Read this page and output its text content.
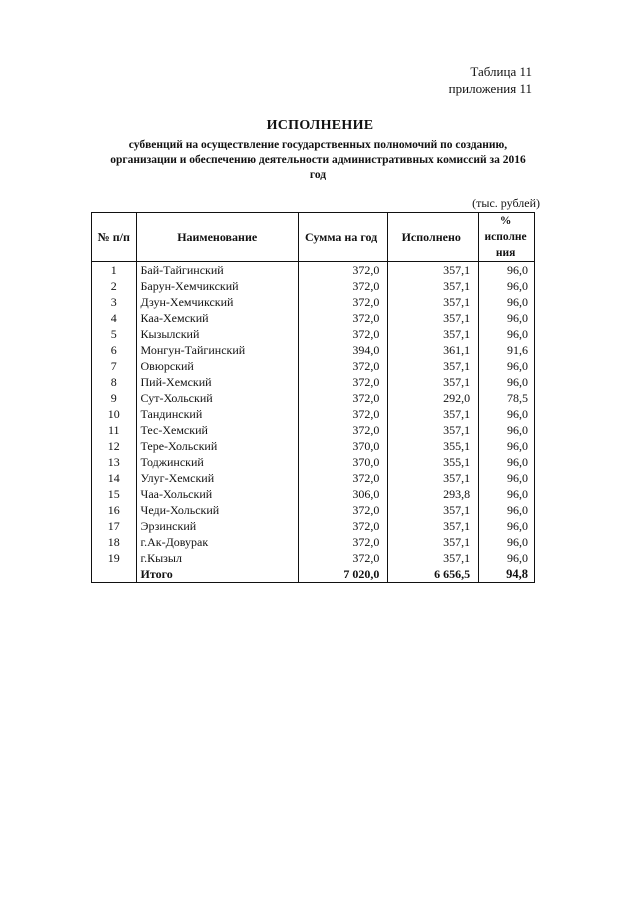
Таблица 11
приложения 11
ИСПОЛНЕНИЕ
субвенций на осуществление государственных полномочий по созданию,
организации и обеспечению деятельности административных комиссий за 2016
год
(тыс. рублей)
№ п/п	Наименование	Сумма на год	Исполнено	%
исполне
ния

1	Бай-Тайгинский	372,0	357,1	96,0
2	Барун-Хемчикский	372,0	357,1	96,0
3	Дзун-Хемчикский	372,0	357,1	96,0
4	Каа-Хемский	372,0	357,1	96,0
5	Кызылский	372,0	357,1	96,0
6	Монгун-Тайгинский	394,0	361,1	91,6
7	Овюрский	372,0	357,1	96,0
8	Пий-Хемский	372,0	357,1	96,0
9	Сут-Хольский	372,0	292,0	78,5
10	Тандинский	372,0	357,1	96,0
11	Тес-Хемский	372,0	357,1	96,0
12	Тере-Хольский	370,0	355,1	96,0
13	Тоджинский	370,0	355,1	96,0
14	Улуг-Хемский	372,0	357,1	96,0
15	Чаа-Хольский	306,0	293,8	96,0
16	Чеди-Хольский	372,0	357,1	96,0
17	Эрзинский	372,0	357,1	96,0
18	г.Ак-Довурак	372,0	357,1	96,0
19	г.Кызыл	372,0	357,1	96,0
	Итого	7 020,0	6 656,5	94,8
